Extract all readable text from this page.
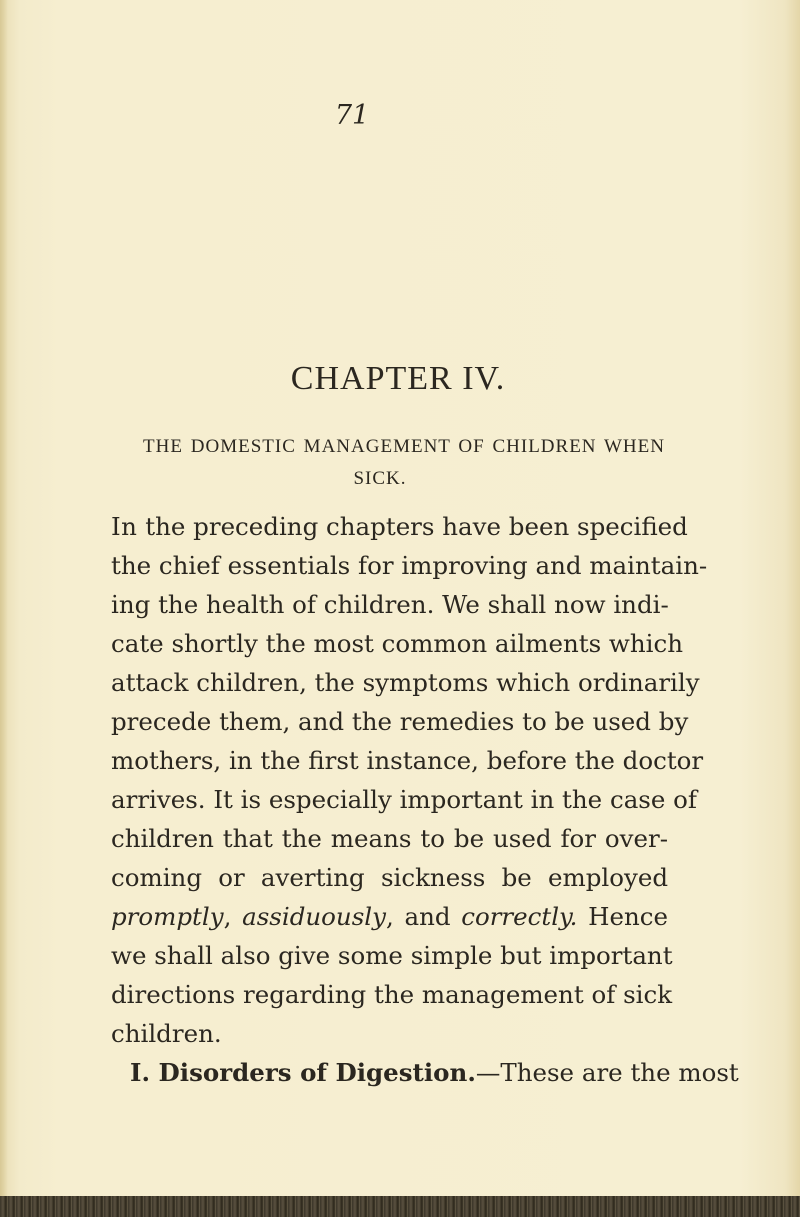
71
CHAPTER IV.
THE DOMESTIC MANAGEMENT OF CHILDREN WHEN
SICK.
In the preceding chapters have been specified
the chief essentials for improving and maintain-
ing the health of children. We shall now indi-
cate shortly the most common ailments which
attack children, the symptoms which ordinarily
precede them, and the remedies to be used by
mothers, in the first instance, before the doctor
arrives. It is especially important in the case of
children that the means to be used for over-
coming or averting sickness be employed
promptly, assiduously, and correctly. Hence
we shall also give some simple but important
directions regarding the management of sick
children.
I. Disorders of Digestion.—These are the most
